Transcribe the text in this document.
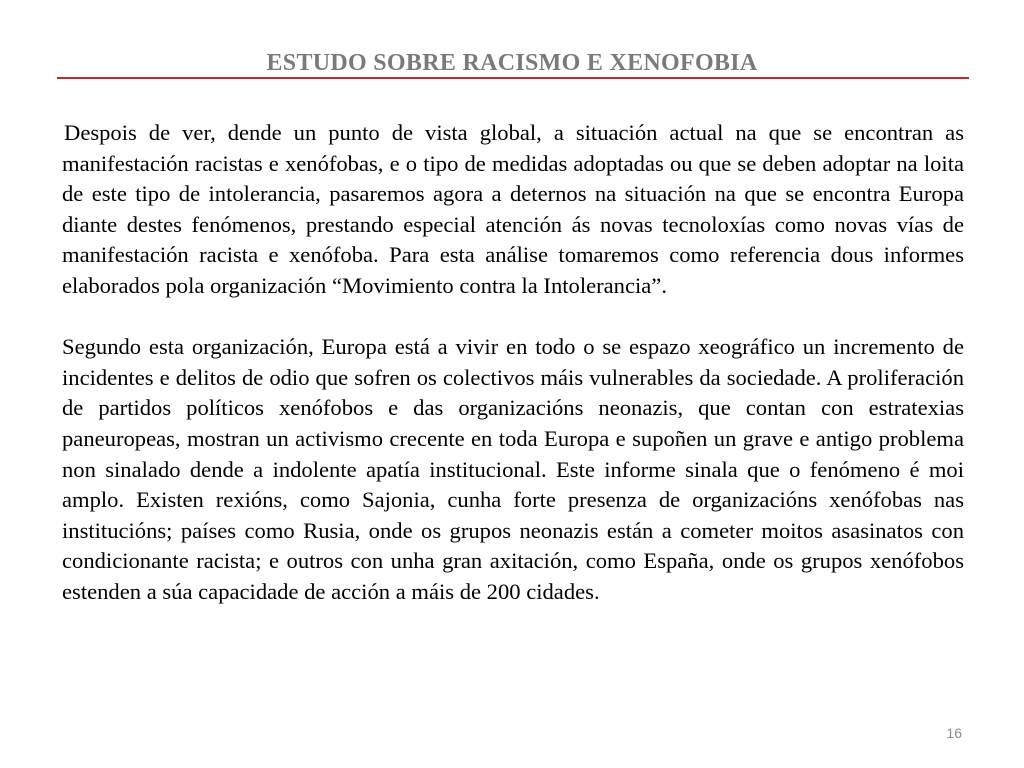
ESTUDO SOBRE RACISMO E XENOFOBIA

Despois de ver, dende un punto de vista global, a situación actual na que se encontran as manifestación racistas e xenófobas, e o tipo de medidas adoptadas ou que se deben adoptar na loita de este tipo de intolerancia, pasaremos agora a deternos na situación na que se encontra Europa diante destes fenómenos, prestando especial atención ás novas tecnoloxías como novas vías de manifestación racista e xenófoba. Para esta análise tomaremos como referencia dous informes elaborados pola organización “Movimiento contra la Intolerancia”.

Segundo esta organización, Europa está a vivir en todo o se espazo xeográfico un incremento de incidentes e delitos de odio que sofren os colectivos máis vulnerables da sociedade. A proliferación de partidos políticos xenófobos e das organizacións neonazis, que contan con estratexias paneuropeas, mostran un activismo crecente en toda Europa e supoñen un grave e antigo problema non sinalado dende a indolente apatía institucional. Este informe sinala que o fenómeno é moi amplo. Existen rexións, como Sajonia, cunha forte presenza de organizacións xenófobas nas institucións; países como Rusia, onde os grupos neonazis están a cometer moitos asasinatos con condicionante racista; e outros con unha gran axitación, como España, onde os grupos xenófobos estenden a súa capacidade de acción a máis de 200 cidades.

16
